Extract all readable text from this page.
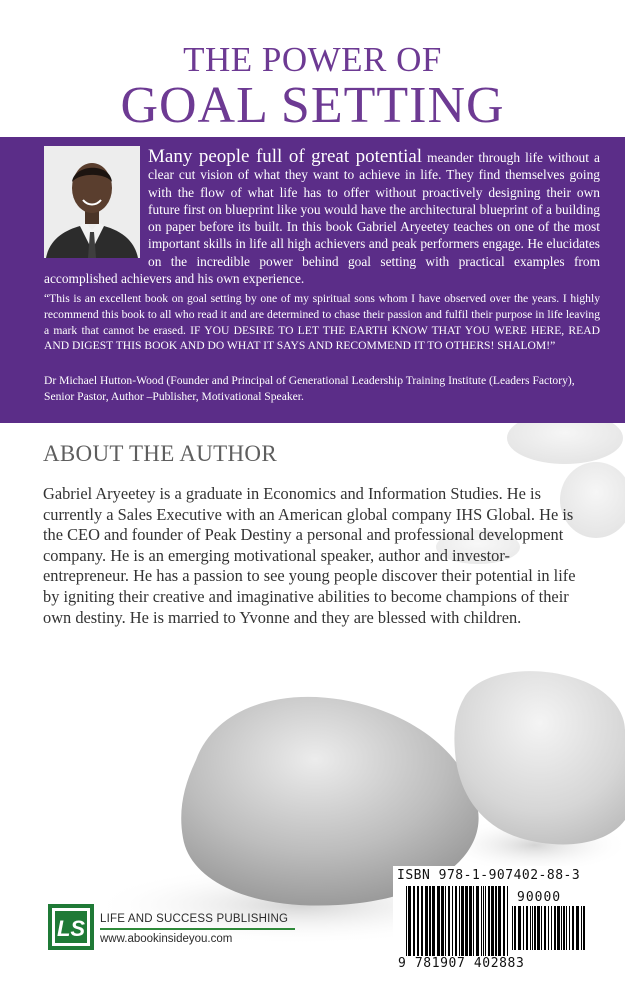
THE POWER OF
GOAL SETTING

Many people full of great potential meander through life without a clear cut vision of what they want to achieve in life. They find themselves going with the flow of what life has to offer without proactively designing their own future first on blueprint like you would have the architectural blueprint of a building on paper before its built. In this book Gabriel Aryeetey teaches on one of the most important skills in life all high achievers and peak performers engage. He elucidates on the incredible power behind goal setting with practical examples from accomplished achievers and his own experience.

“This is an excellent book on goal setting by one of my spiritual sons whom I have observed over the years. I highly recommend this book to all who read it and are determined to chase their passion and fulfil their purpose in life leaving a mark that cannot be erased. IF YOU DESIRE TO LET THE EARTH KNOW THAT YOU WERE HERE, READ AND DIGEST THIS BOOK AND DO WHAT IT SAYS AND RECOMMEND IT TO OTHERS! SHALOM!”

Dr Michael Hutton-Wood (Founder and Principal of Generational Leadership Training Institute (Leaders Factory), Senior Pastor, Author –Publisher, Motivational Speaker.

ABOUT THE AUTHOR

Gabriel Aryeetey is a graduate in Economics and Information Studies. He is currently a Sales Executive with an American global company IHS Global. He is the CEO and founder of Peak Destiny a personal and professional development company. He is an emerging motivational speaker, author and investor-entrepreneur. He has a passion to see young people discover their potential in life by igniting their creative and imaginative abilities to become champions of their own destiny. He is married to Yvonne and they are blessed with children.

LS LIFE AND SUCCESS PUBLISHING
www.abookinsideyou.com
ISBN 978-1-907402-88-3
90000
9 781907 402883
